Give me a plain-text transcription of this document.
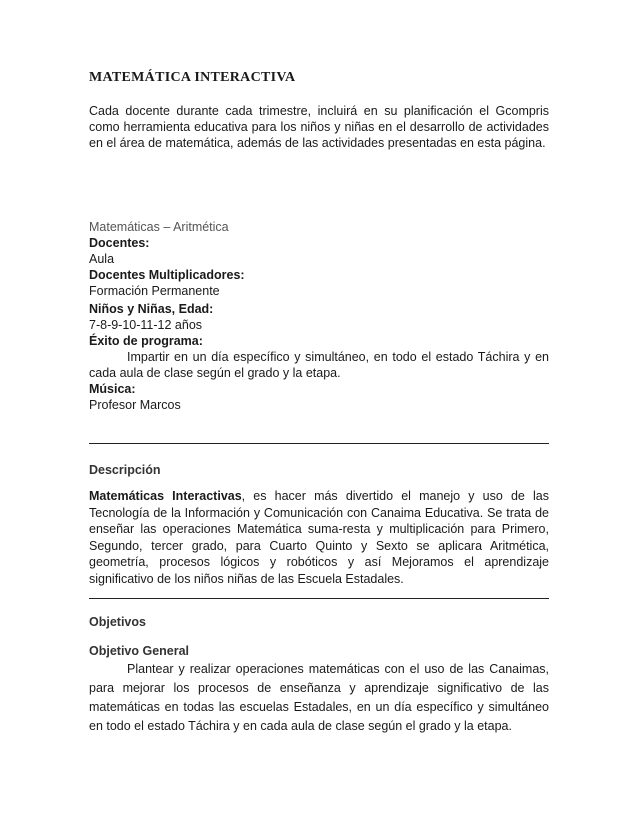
MATEMÁTICA INTERACTIVA
Cada docente durante cada trimestre, incluirá en su planificación el Gcompris como herramienta educativa para los niños y niñas en el desarrollo de actividades en el área de matemática, además de las actividades presentadas en esta página.
Matemáticas – Aritmética
Docentes:
Aula
Docentes Multiplicadores:
Formación Permanente
Niños y Niñas, Edad:
7-8-9-10-11-12 años
Éxito de programa:
Impartir en un día específico y simultáneo, en todo el estado Táchira y en cada aula de clase según el grado y la etapa.
Música:
Profesor Marcos
Descripción
Matemáticas Interactivas, es hacer más divertido el manejo y uso de las Tecnología de la Información y Comunicación con Canaima Educativa. Se trata de enseñar las operaciones Matemática suma-resta y multiplicación para Primero, Segundo, tercer grado, para Cuarto Quinto y Sexto se aplicara Aritmética, geometría, procesos lógicos y robóticos y así Mejoramos el aprendizaje significativo de los niños niñas de las Escuela Estadales.
Objetivos
Objetivo General
Plantear y realizar operaciones matemáticas con el uso de las Canaimas, para mejorar los procesos de enseñanza y aprendizaje significativo de las matemáticas en todas las escuelas Estadales, en un día específico y simultáneo en todo el estado Táchira y en cada aula de clase según el grado y la etapa.
